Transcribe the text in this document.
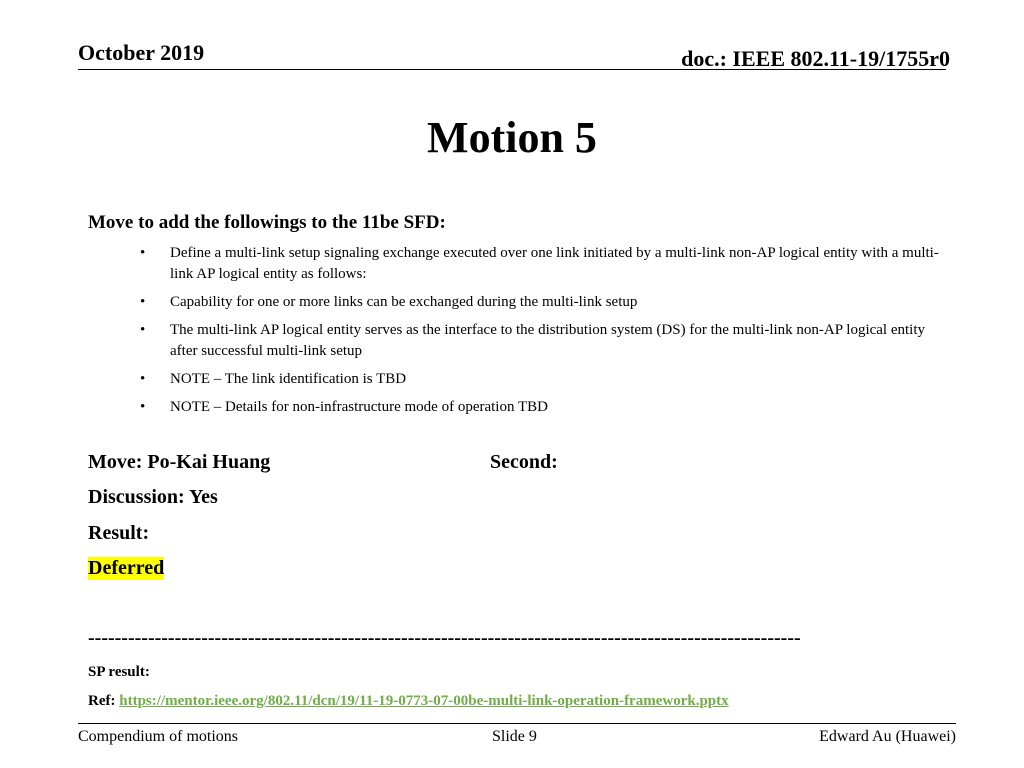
October 2019	doc.: IEEE 802.11-19/1755r0
Motion 5
Move to add the followings to the 11be SFD:
• Define a multi-link setup signaling exchange executed over one link initiated by a multi-link non-AP logical entity with a multi-link AP logical entity as follows:
• Capability for one or more links can be exchanged during the multi-link setup
• The multi-link AP logical entity serves as the interface to the distribution system (DS) for the multi-link non-AP logical entity after successful multi-link setup
• NOTE – The link identification is TBD
• NOTE – Details for non-infrastructure mode of operation TBD
Move: Po-Kai Huang	Second:
Discussion: Yes
Result:
Deferred
-----------------------------------------------------------------------------------------------------------
SP result:
Ref: https://mentor.ieee.org/802.11/dcn/19/11-19-0773-07-00be-multi-link-operation-framework.pptx
Compendium of motions	Slide 9	Edward Au (Huawei)
